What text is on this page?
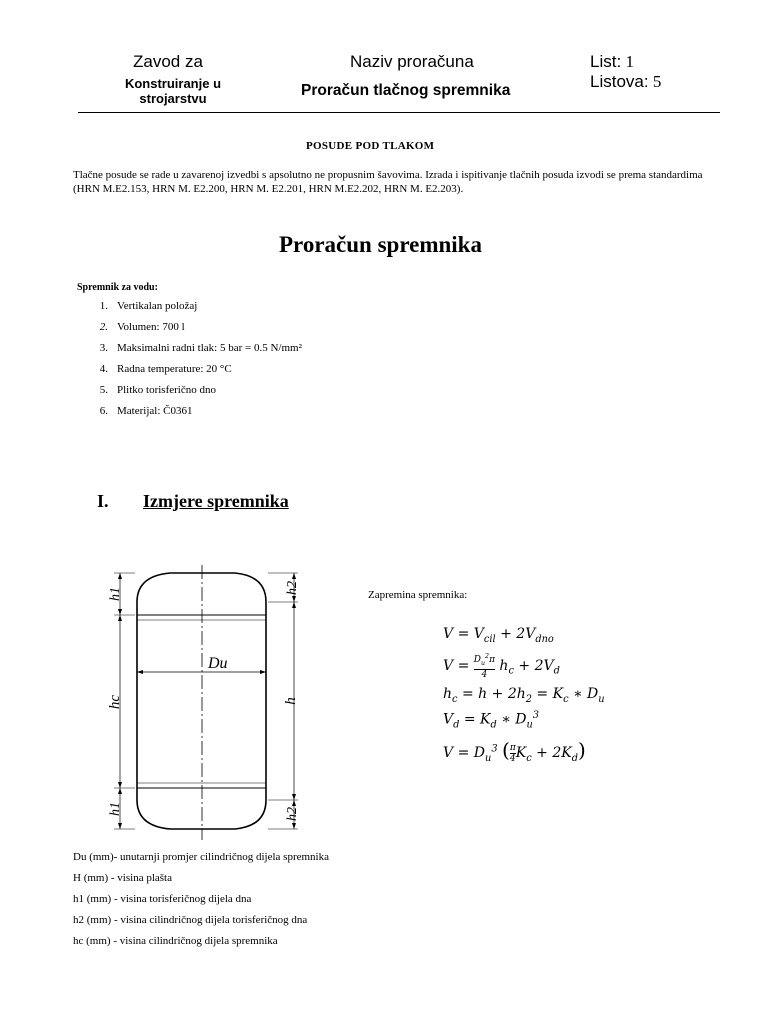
Zavod za
Konstruiranje u strojarstvu
Naziv proračuna
Proračun tlačnog spremnika
List: 1
Listova: 5
POSUDE POD TLAKOM
Tlačne posude se rade u zavarenoj izvedbi s apsolutno ne propusnim šavovima. Izrada i ispitivanje tlačnih posuda izvodi se prema standardima (HRN M.E2.153, HRN M. E2.200, HRN M. E2.201, HRN M.E2.202, HRN M. E2.203).
Proračun spremnika
Spremnik za vodu:
1. Vertikalan položaj
2. Volumen: 700 l
3. Maksimalni radni tlak: 5 bar = 0.5 N/mm²
4. Radna temperature: 20 °C
5. Plitko torisferično dno
6. Materijal: Č0361
I. Izmjere spremnika
h1
hc
h1
h2
h
h2
Du
Zapremina spremnika:
$V = V_{cil} + 2V_{dno}$
$V = \frac{D_u^2\pi}{4} h_c + 2V_d$
$h_c = h + 2h_2 = K_c$ ∗ $D_u$
$V_d = K_d$ ∗ $D_u^3$
$V = D_u^3$ ( $\frac{\pi}{4} K_c + 2K_d$)
Du (mm)- unutarnji promjer cilindričnog dijela spremnika
H (mm) - visina plašta
h1 (mm) - visina torisferičnog dijela dna
h2 (mm) - visina cilindričnog dijela torisferičnog dna
hc (mm) - visina cilindričnog dijela spremnika
